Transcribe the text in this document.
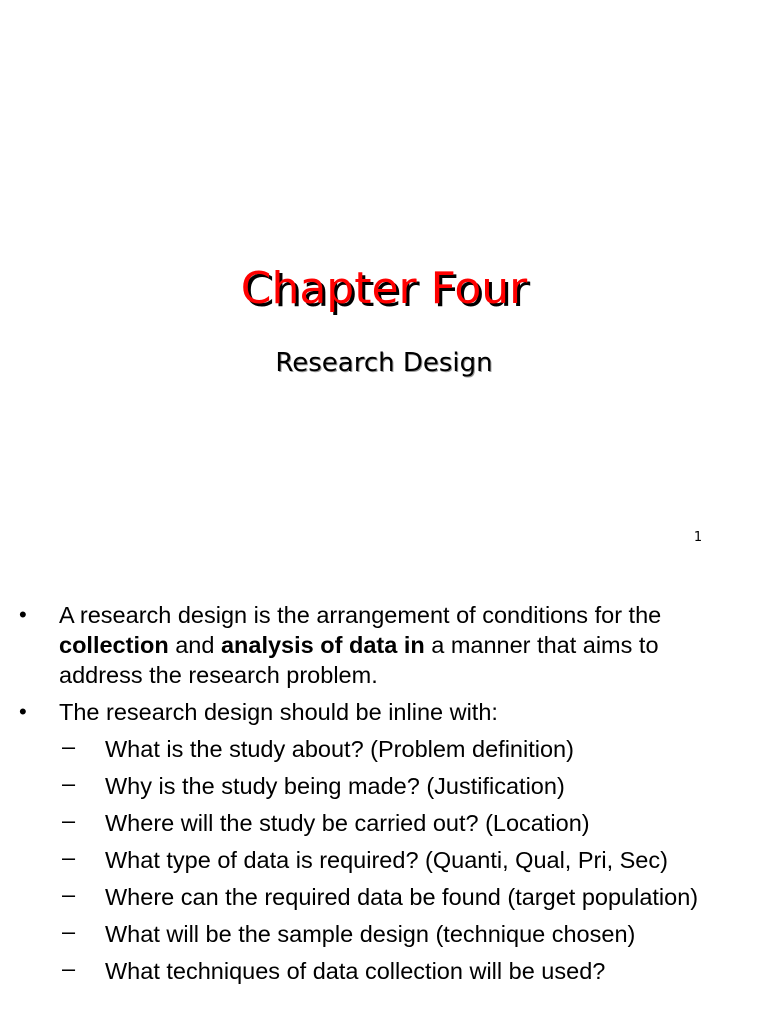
Chapter Four
Research Design
1
• A research design is the arrangement of conditions for the collection and analysis of data in a manner that aims to address the research problem.
• The research design should be inline with:
– What is the study about? (Problem definition)
– Why is the study being made? (Justification)
– Where will the study be carried out? (Location)
– What type of data is required? (Quanti, Qual, Pri, Sec)
– Where can the required data be found (target population)
– What will be the sample design (technique chosen)
– What techniques of data collection will be used?
